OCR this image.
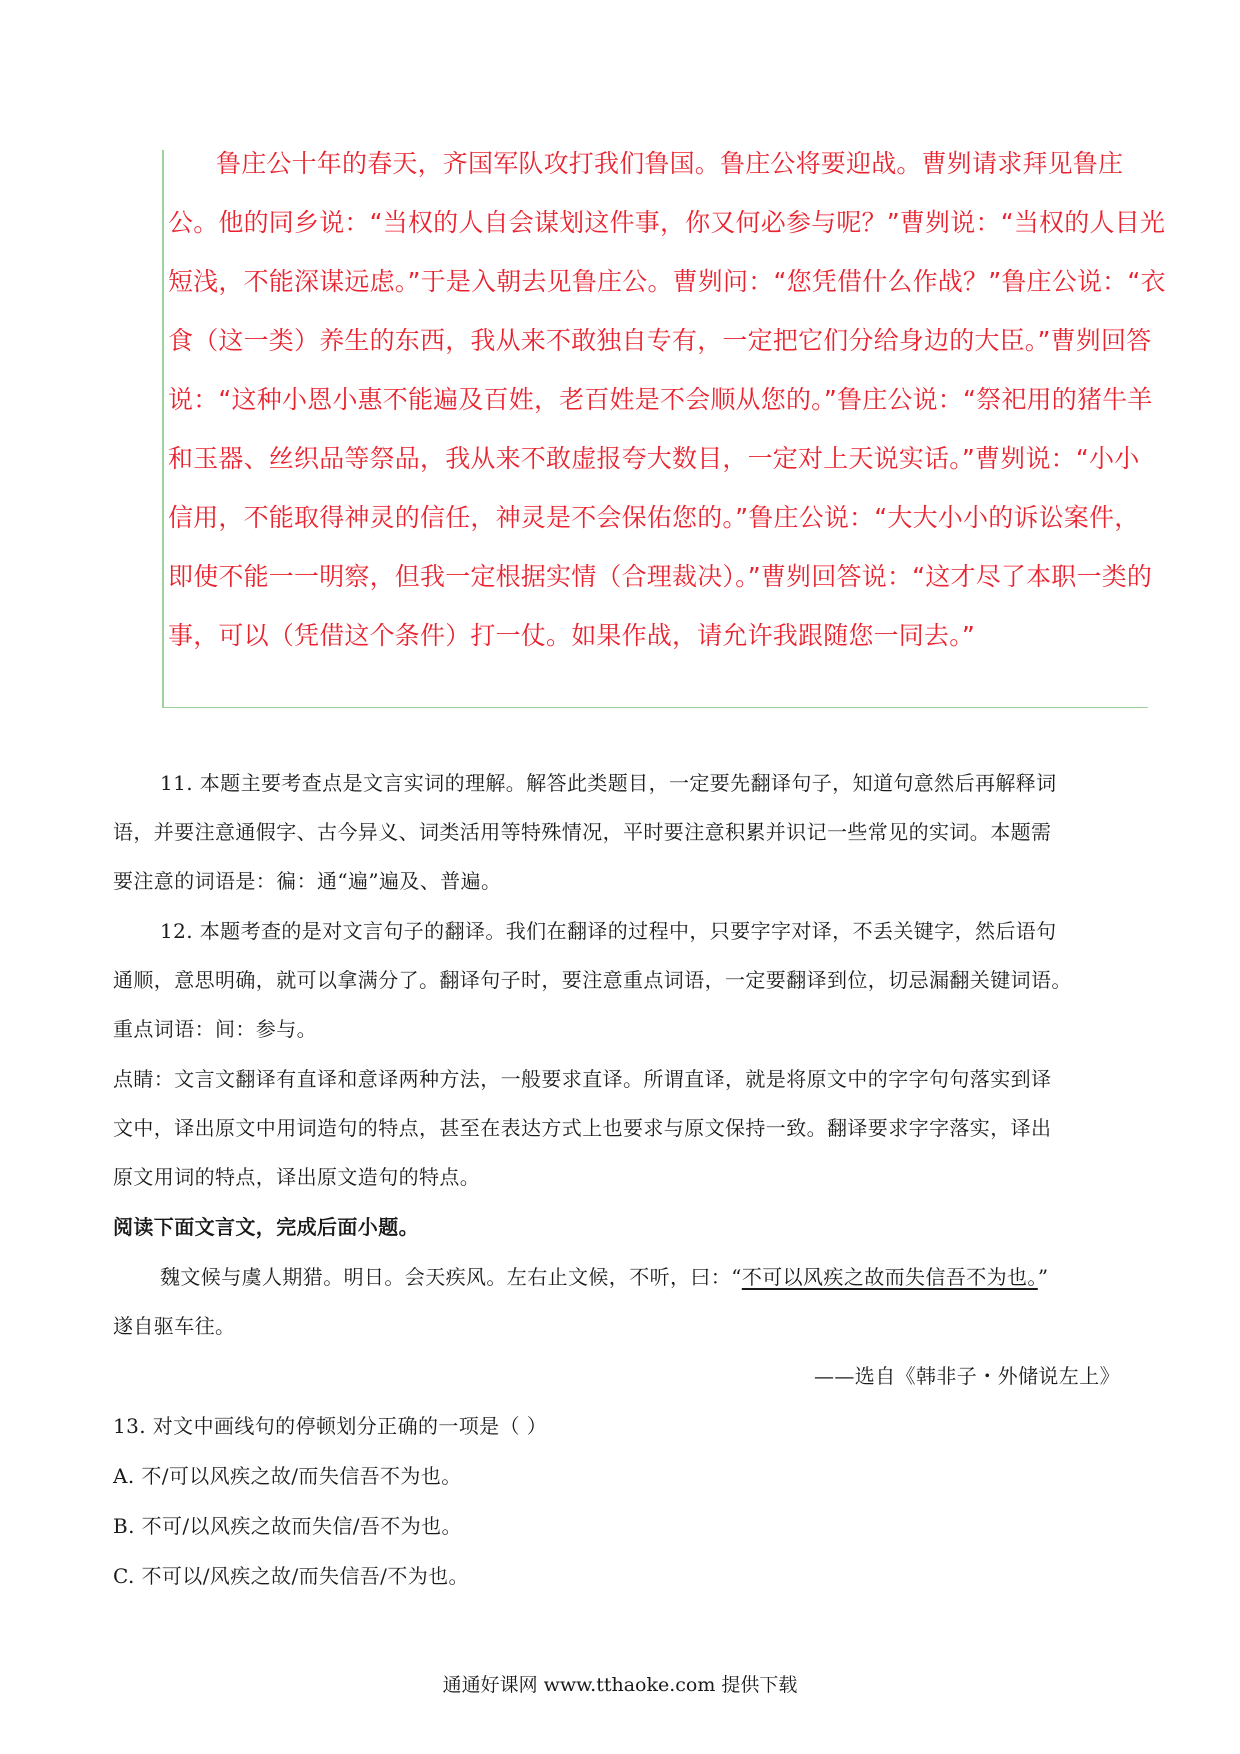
鲁庄公十年的春天，齐国军队攻打我们鲁国。鲁庄公将要迎战。曹刿请求拜见鲁庄
公。他的同乡说：“当权的人自会谋划这件事，你又何必参与呢？”曹刿说：“当权的人目光
短浅，不能深谋远虑。”于是入朝去见鲁庄公。曹刿问：“您凭借什么作战？”鲁庄公说：“衣
食（这一类）养生的东西，我从来不敢独自专有，一定把它们分给身边的大臣。”曹刿回答
说：“这种小恩小惠不能遍及百姓，老百姓是不会顺从您的。”鲁庄公说：“祭祀用的猪牛羊
和玉器、丝织品等祭品，我从来不敢虚报夸大数目，一定对上天说实话。”曹刿说：“小小
信用，不能取得神灵的信任，神灵是不会保佑您的。”鲁庄公说：“大大小小的诉讼案件，
即使不能一一明察，但我一定根据实情（合理裁决）。”曹刿回答说：“这才尽了本职一类的
事，可以（凭借这个条件）打一仗。如果作战，请允许我跟随您一同去。”
11. 本题主要考查点是文言实词的理解。解答此类题目，一定要先翻译句子，知道句意然后再解释词
语，并要注意通假字、古今异义、词类活用等特殊情况，平时要注意积累并识记一些常见的实词。本题需
要注意的词语是：徧：通“遍”遍及、普遍。
12. 本题考查的是对文言句子的翻译。我们在翻译的过程中，只要字字对译，不丢关键字，然后语句
通顺，意思明确，就可以拿满分了。翻译句子时，要注意重点词语，一定要翻译到位，切忌漏翻关键词语。
重点词语：间：参与。
点睛：文言文翻译有直译和意译两种方法，一般要求直译。所谓直译，就是将原文中的字字句句落实到译
文中，译出原文中用词造句的特点，甚至在表达方式上也要求与原文保持一致。翻译要求字字落实，译出
原文用词的特点，译出原文造句的特点。
阅读下面文言文，完成后面小题。
魏文候与虞人期猎。明日。会天疾风。左右止文候，不听，曰：“不可以风疾之故而失信吾不为也。”
遂自驱车往。
——选自《韩非子・外储说左上》
13. 对文中画线句的停顿划分正确的一项是（ ）
A. 不/可以风疾之故/而失信吾不为也。
B. 不可/以风疾之故而失信/吾不为也。
C. 不可以/风疾之故/而失信吾/不为也。
通通好课网 www.tthaoke.com 提供下载
